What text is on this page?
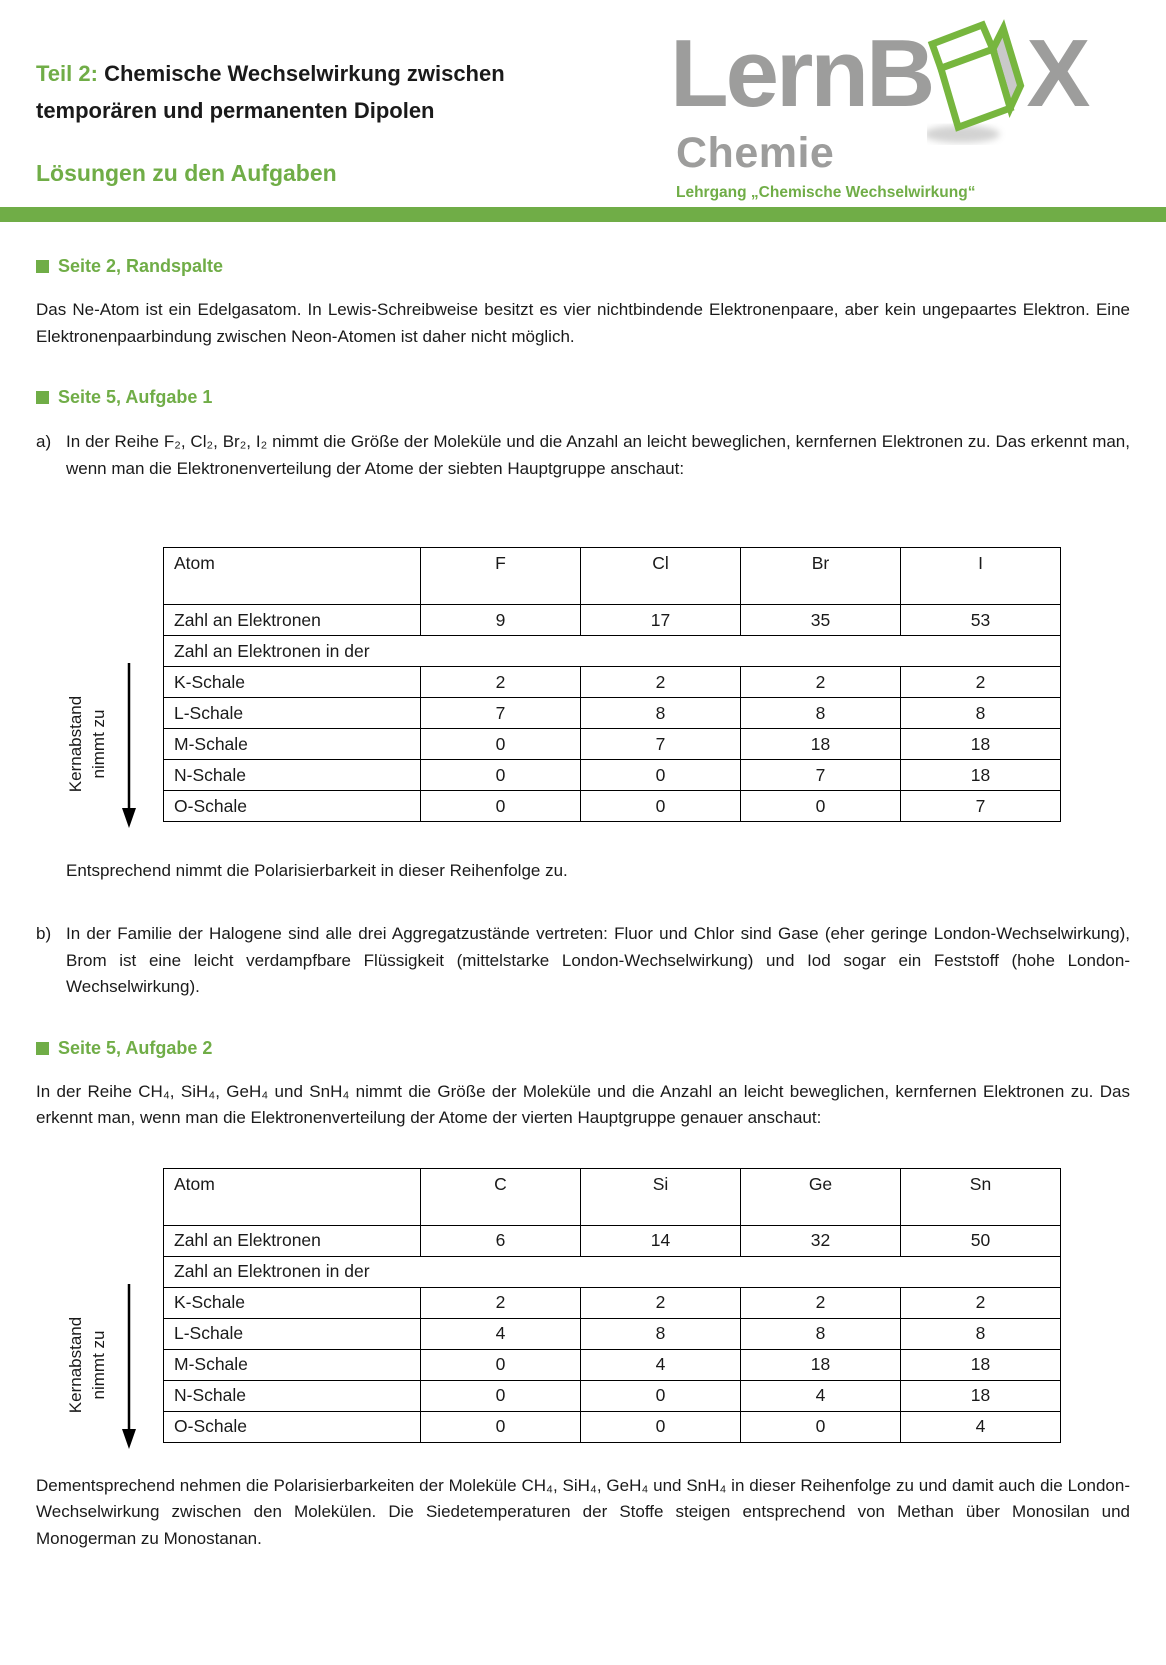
Teil 2: Chemische Wechselwirkung zwischen temporären und permanenten Dipolen
Lösungen zu den Aufgaben
LernB X
Chemie
Lehrgang „Chemische Wechselwirkung“
Seite 2, Randspalte

Das Ne-Atom ist ein Edelgasatom. In Lewis-Schreibweise besitzt es vier nichtbindende Elektronenpaare, aber kein ungepaartes Elektron. Eine Elektronenpaarbindung zwischen Neon-Atomen ist daher nicht möglich.

Seite 5, Aufgabe 1
a) In der Reihe F₂, Cl₂, Br₂, I₂ nimmt die Größe der Moleküle und die Anzahl an leicht beweglichen, kernfernen Elektronen zu. Das erkennt man, wenn man die Elektronenverteilung der Atome der siebten Hauptgruppe anschaut:

Kernabstand nimmt zu
Atom	F	Cl	Br	I
Zahl an Elektronen	9	17	35	53
Zahl an Elektronen in der				
K-Schale	2	2	2	2
L-Schale	7	8	8	8
M-Schale	0	7	18	18
N-Schale	0	0	7	18
O-Schale	0	0	0	7

Entsprechend nimmt die Polarisierbarkeit in dieser Reihenfolge zu.

b) In der Familie der Halogene sind alle drei Aggregatzustände vertreten: Fluor und Chlor sind Gase (eher geringe London-Wechselwirkung), Brom ist eine leicht verdampfbare Flüssigkeit (mittelstarke London-Wechselwirkung) und Iod sogar ein Feststoff (hohe London-Wechselwirkung).

Seite 5, Aufgabe 2

In der Reihe CH₄, SiH₄, GeH₄ und SnH₄ nimmt die Größe der Moleküle und die Anzahl an leicht beweglichen, kernfernen Elektronen zu. Das erkennt man, wenn man die Elektronenverteilung der Atome der vierten Hauptgruppe genauer anschaut:

Kernabstand nimmt zu
Atom	C	Si	Ge	Sn
Zahl an Elektronen	6	14	32	50
Zahl an Elektronen in der				
K-Schale	2	2	2	2
L-Schale	4	8	8	8
M-Schale	0	4	18	18
N-Schale	0	0	4	18
O-Schale	0	0	0	4

Dementsprechend nehmen die Polarisierbarkeiten der Moleküle CH₄, SiH₄, GeH₄ und SnH₄ in dieser Reihenfolge zu und damit auch die London-Wechselwirkung zwischen den Molekülen. Die Siedetemperaturen der Stoffe steigen entsprechend von Methan über Monosilan und Monogerman zu Monostanan.
